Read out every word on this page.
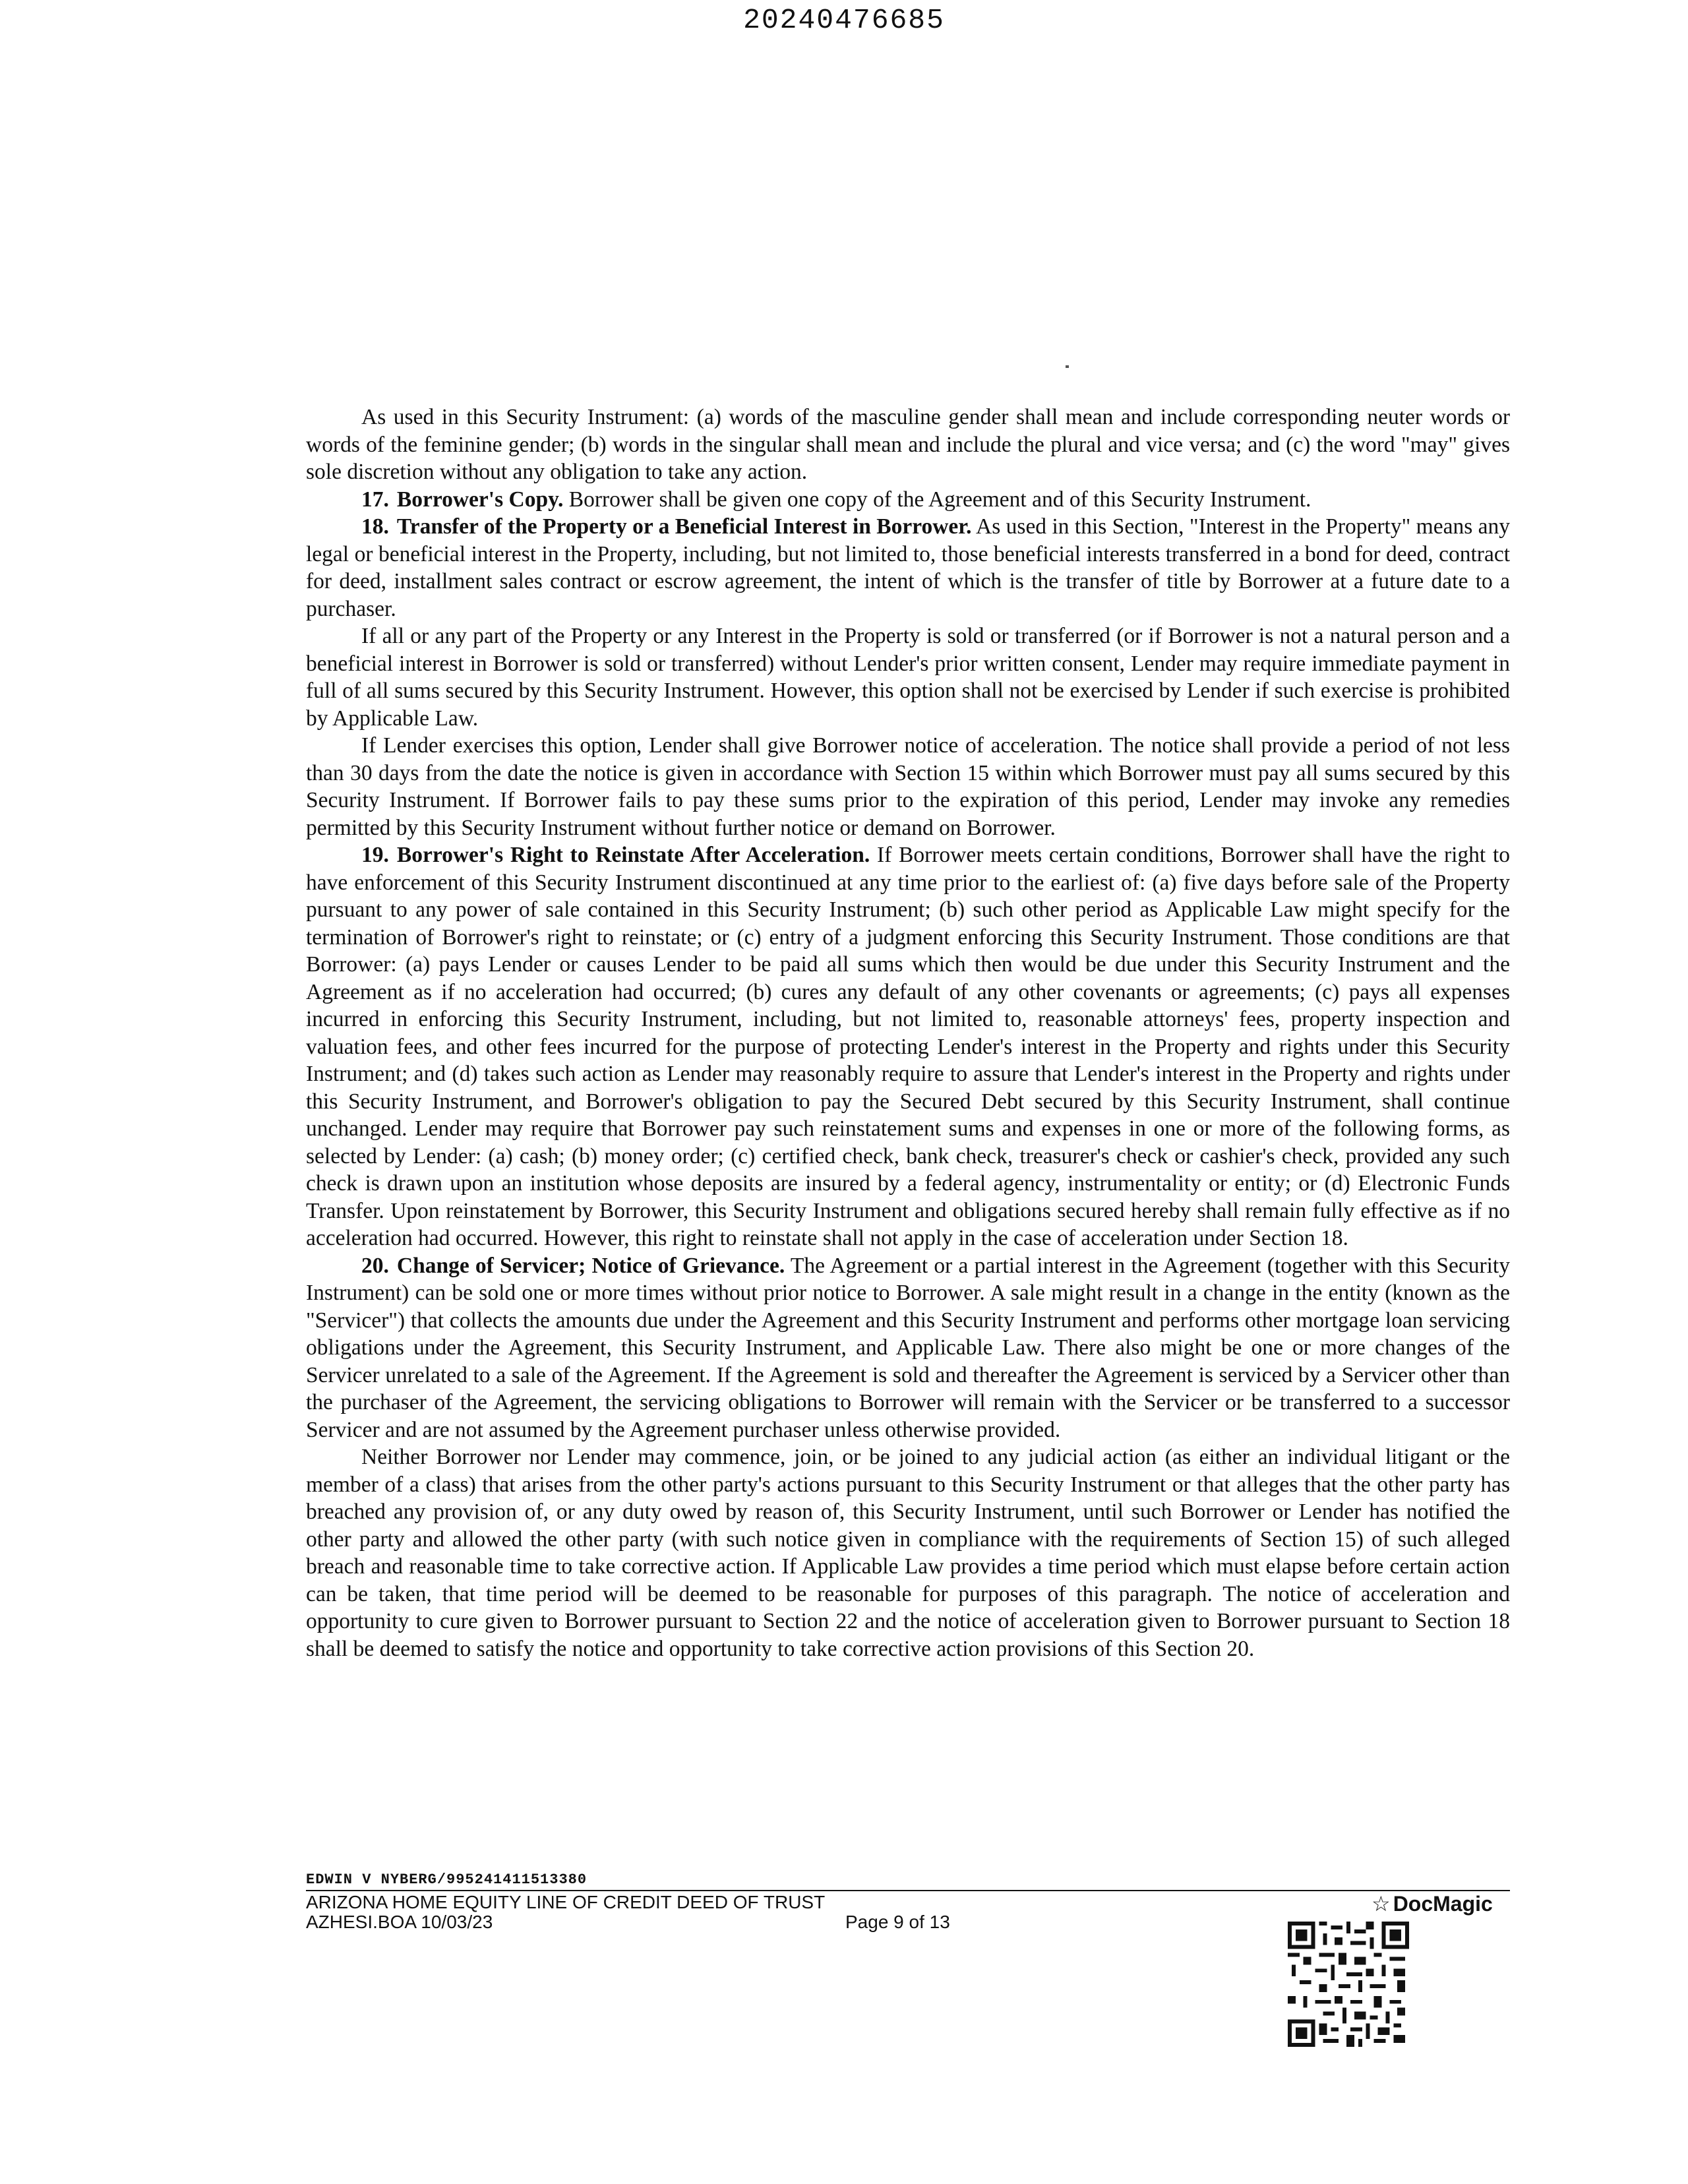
20240476685

As used in this Security Instrument: (a) words of the masculine gender shall mean and include corresponding neuter words or words of the feminine gender; (b) words in the singular shall mean and include the plural and vice versa; and (c) the word "may" gives sole discretion without any obligation to take any action.

17. Borrower's Copy. Borrower shall be given one copy of the Agreement and of this Security Instrument.

18. Transfer of the Property or a Beneficial Interest in Borrower. As used in this Section, "Interest in the Property" means any legal or beneficial interest in the Property, including, but not limited to, those beneficial interests transferred in a bond for deed, contract for deed, installment sales contract or escrow agreement, the intent of which is the transfer of title by Borrower at a future date to a purchaser.

If all or any part of the Property or any Interest in the Property is sold or transferred (or if Borrower is not a natural person and a beneficial interest in Borrower is sold or transferred) without Lender's prior written consent, Lender may require immediate payment in full of all sums secured by this Security Instrument. However, this option shall not be exercised by Lender if such exercise is prohibited by Applicable Law.

If Lender exercises this option, Lender shall give Borrower notice of acceleration. The notice shall provide a period of not less than 30 days from the date the notice is given in accordance with Section 15 within which Borrower must pay all sums secured by this Security Instrument. If Borrower fails to pay these sums prior to the expiration of this period, Lender may invoke any remedies permitted by this Security Instrument without further notice or demand on Borrower.

19. Borrower's Right to Reinstate After Acceleration. If Borrower meets certain conditions, Borrower shall have the right to have enforcement of this Security Instrument discontinued at any time prior to the earliest of: (a) five days before sale of the Property pursuant to any power of sale contained in this Security Instrument; (b) such other period as Applicable Law might specify for the termination of Borrower's right to reinstate; or (c) entry of a judgment enforcing this Security Instrument. Those conditions are that Borrower: (a) pays Lender or causes Lender to be paid all sums which then would be due under this Security Instrument and the Agreement as if no acceleration had occurred; (b) cures any default of any other covenants or agreements; (c) pays all expenses incurred in enforcing this Security Instrument, including, but not limited to, reasonable attorneys' fees, property inspection and valuation fees, and other fees incurred for the purpose of protecting Lender's interest in the Property and rights under this Security Instrument; and (d) takes such action as Lender may reasonably require to assure that Lender's interest in the Property and rights under this Security Instrument, and Borrower's obligation to pay the Secured Debt secured by this Security Instrument, shall continue unchanged. Lender may require that Borrower pay such reinstatement sums and expenses in one or more of the following forms, as selected by Lender: (a) cash; (b) money order; (c) certified check, bank check, treasurer's check or cashier's check, provided any such check is drawn upon an institution whose deposits are insured by a federal agency, instrumentality or entity; or (d) Electronic Funds Transfer. Upon reinstatement by Borrower, this Security Instrument and obligations secured hereby shall remain fully effective as if no acceleration had occurred. However, this right to reinstate shall not apply in the case of acceleration under Section 18.

20. Change of Servicer; Notice of Grievance. The Agreement or a partial interest in the Agreement (together with this Security Instrument) can be sold one or more times without prior notice to Borrower. A sale might result in a change in the entity (known as the "Servicer") that collects the amounts due under the Agreement and this Security Instrument and performs other mortgage loan servicing obligations under the Agreement, this Security Instrument, and Applicable Law. There also might be one or more changes of the Servicer unrelated to a sale of the Agreement. If the Agreement is sold and thereafter the Agreement is serviced by a Servicer other than the purchaser of the Agreement, the servicing obligations to Borrower will remain with the Servicer or be transferred to a successor Servicer and are not assumed by the Agreement purchaser unless otherwise provided.

Neither Borrower nor Lender may commence, join, or be joined to any judicial action (as either an individual litigant or the member of a class) that arises from the other party's actions pursuant to this Security Instrument or that alleges that the other party has breached any provision of, or any duty owed by reason of, this Security Instrument, until such Borrower or Lender has notified the other party and allowed the other party (with such notice given in compliance with the requirements of Section 15) of such alleged breach and reasonable time to take corrective action. If Applicable Law provides a time period which must elapse before certain action can be taken, that time period will be deemed to be reasonable for purposes of this paragraph. The notice of acceleration and opportunity to cure given to Borrower pursuant to Section 22 and the notice of acceleration given to Borrower pursuant to Section 18 shall be deemed to satisfy the notice and opportunity to take corrective action provisions of this Section 20.

EDWIN V NYBERG/995241411513380
ARIZONA HOME EQUITY LINE OF CREDIT DEED OF TRUST
AZHESI.BOA 10/03/23	Page 9 of 13
☆ DocMagic
